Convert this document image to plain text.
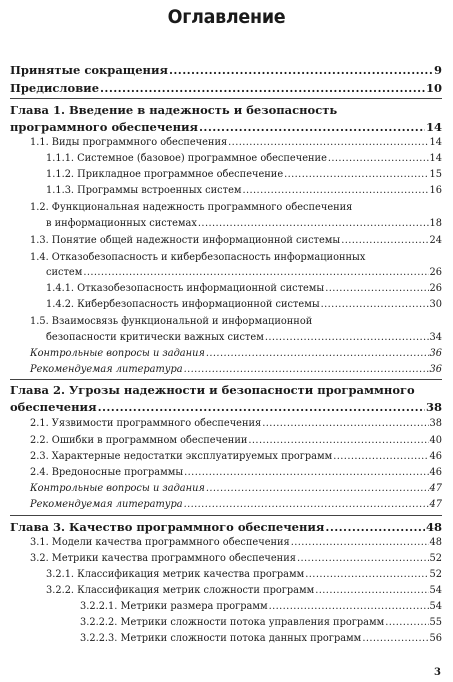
Оглавление
Принятые сокращения .....	9
Предисловие .....	10
Глава 1. Введение в надежность и безопасность
программного обеспечения .....	14
1.1. Виды программного обеспечения .....	14
1.1.1. Системное (базовое) программное обеспечение .....	14
1.1.2. Прикладное программное обеспечение .....	15
1.1.3. Программы встроенных систем .....	16
1.2. Функциональная надежность программного обеспечения
в информационных системах .....	18
1.3. Понятие общей надежности информационной системы .....	24
1.4. Отказобезопасность и кибербезопасность информационных
систем .....	26
1.4.1. Отказобезопасность информационной системы .....	26
1.4.2. Кибербезопасность информационной системы .....	30
1.5. Взаимосвязь функциональной и информационной
безопасности критически важных систем .....	34
Контрольные вопросы и задания .....	36
Рекомендуемая литература .....	36
Глава 2. Угрозы надежности и безопасности программного
обеспечения .....	38
2.1. Уязвимости программного обеспечения .....	38
2.2. Ошибки в программном обеспечении .....	40
2.3. Характерные недостатки эксплуатируемых программ .....	46
2.4. Вредоносные программы .....	46
Контрольные вопросы и задания .....	47
Рекомендуемая литература .....	47
Глава 3. Качество программного обеспечения .....	48
3.1. Модели качества программного обеспечения .....	48
3.2. Метрики качества программного обеспечения .....	52
3.2.1. Классификация метрик качества программ .....	52
3.2.2. Классификация метрик сложности программ .....	54
3.2.2.1. Метрики размера программ .....	54
3.2.2.2. Метрики сложности потока управления программ .....	55
3.2.2.3. Метрики сложности потока данных программ .....	56
3
